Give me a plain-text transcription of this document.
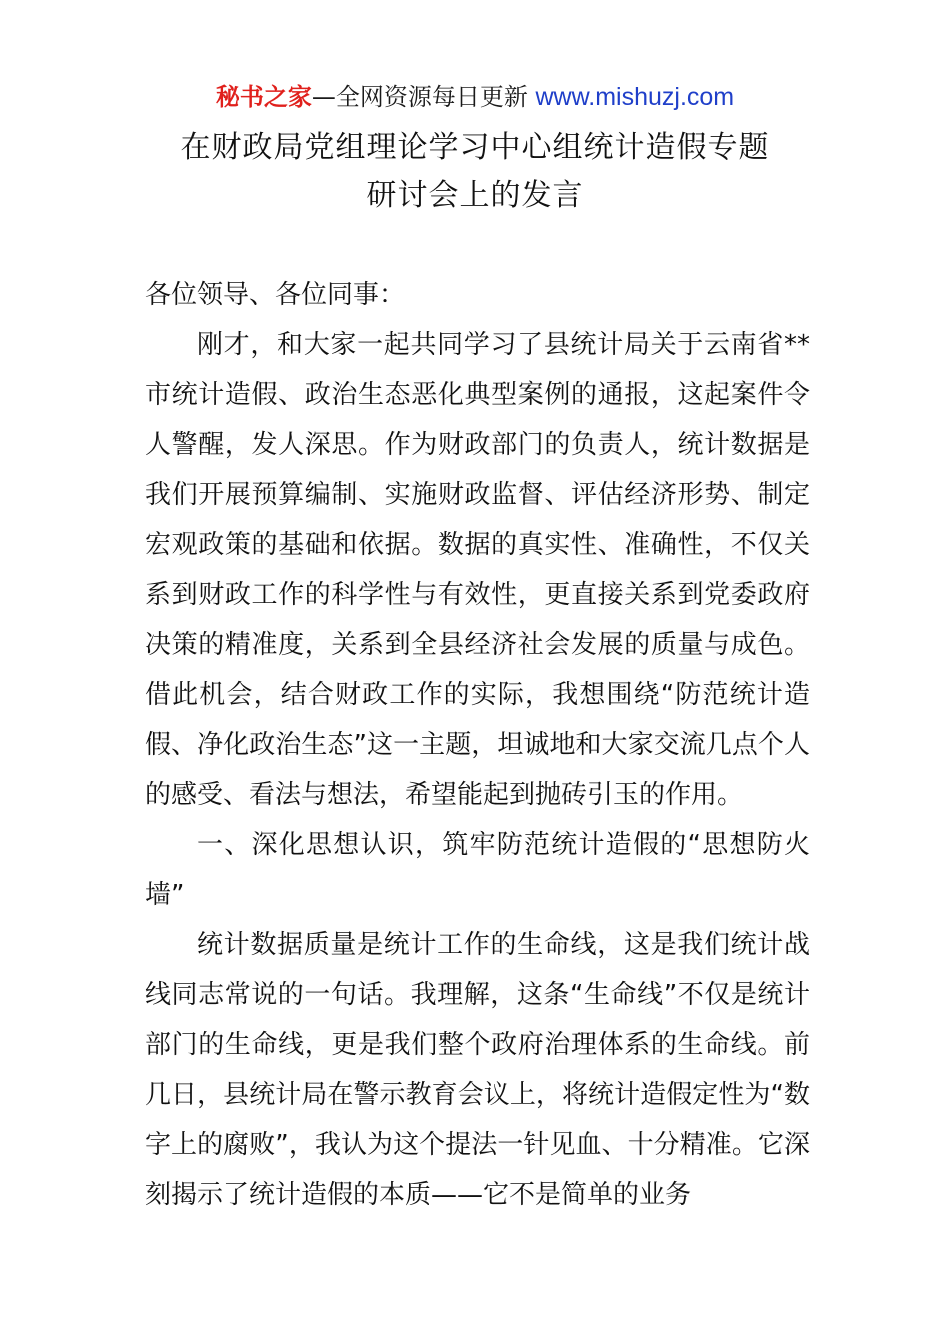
秘书之家—全网资源每日更新 www.mishuzj.com
在财政局党组理论学习中心组统计造假专题
研讨会上的发言

各位领导、各位同事：

刚才，和大家一起共同学习了县统计局关于云南省**市统计造假、政治生态恶化典型案例的通报，这起案件令人警醒，发人深思。作为财政部门的负责人，统计数据是我们开展预算编制、实施财政监督、评估经济形势、制定宏观政策的基础和依据。数据的真实性、准确性，不仅关系到财政工作的科学性与有效性，更直接关系到党委政府决策的精准度，关系到全县经济社会发展的质量与成色。借此机会，结合财政工作的实际，我想围绕“防范统计造假、净化政治生态”这一主题，坦诚地和大家交流几点个人的感受、看法与想法，希望能起到抛砖引玉的作用。

一、深化思想认识，筑牢防范统计造假的“思想防火墙”

统计数据质量是统计工作的生命线，这是我们统计战线同志常说的一句话。我理解，这条“生命线”不仅是统计部门的生命线，更是我们整个政府治理体系的生命线。前几日，县统计局在警示教育会议上，将统计造假定性为“数字上的腐败”，我认为这个提法一针见血、十分精准。它深刻揭示了统计造假的本质——它不是简单的业务
